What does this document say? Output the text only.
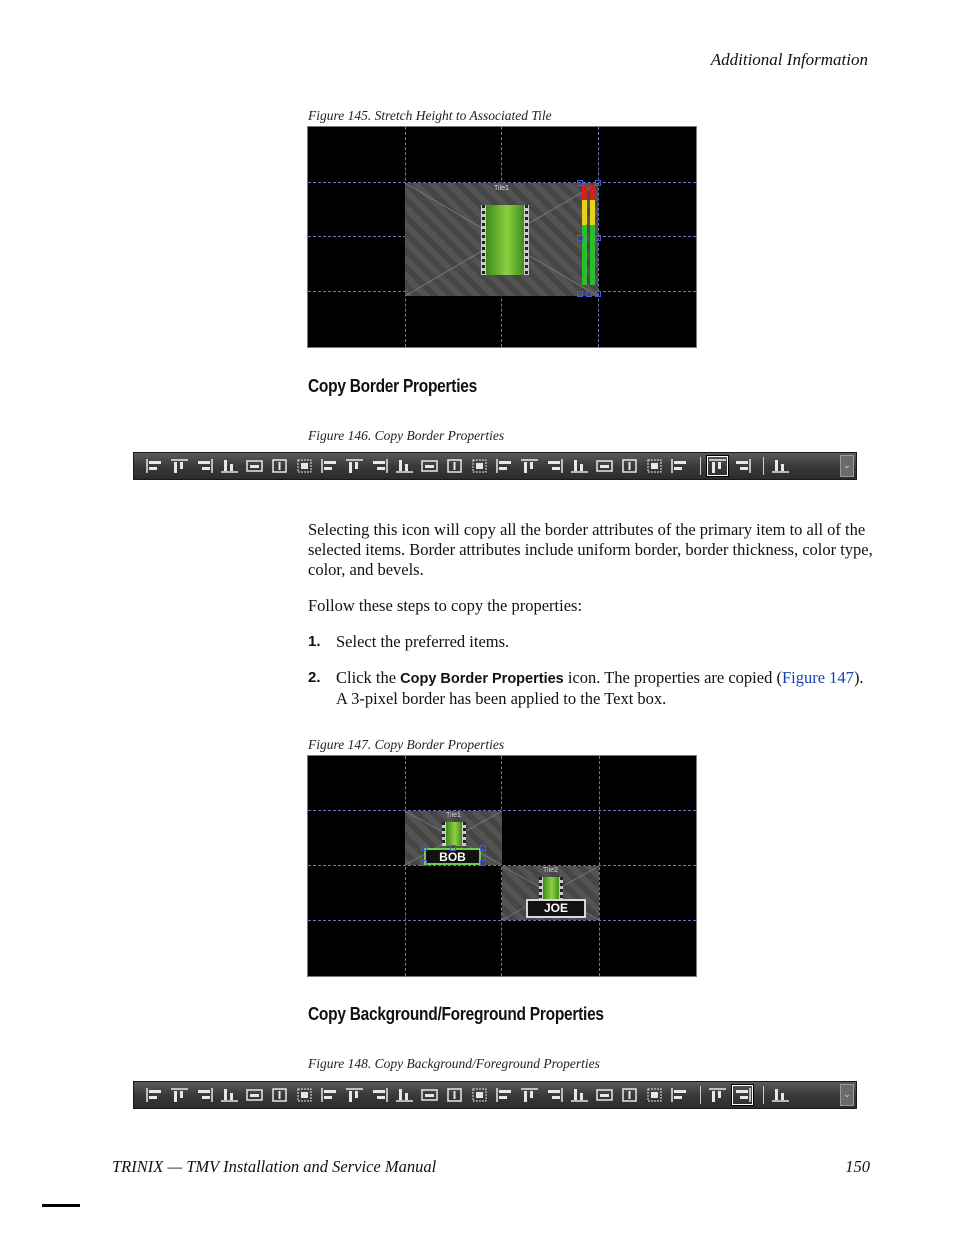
Additional Information
Figure 145. Stretch Height to Associated Tile
Tile1
Copy Border Properties
Figure 146. Copy Border Properties
⌄
Selecting this icon will copy all the border attributes of the primary item to all of the selected items. Border attributes include uniform border, border thickness, color type, color, and bevels.
Follow these steps to copy the properties:
1. Select the preferred items.
2. Click the Copy Border Properties icon. The properties are copied (Figure 147). A 3-pixel border has been applied to the Text box.
Figure 147. Copy Border Properties
Tile1
BOB
Tile2
JOE
Copy Background/Foreground Properties
Figure 148. Copy Background/Foreground Properties
⌄
TRINIX — TMV Installation and Service Manual	150
